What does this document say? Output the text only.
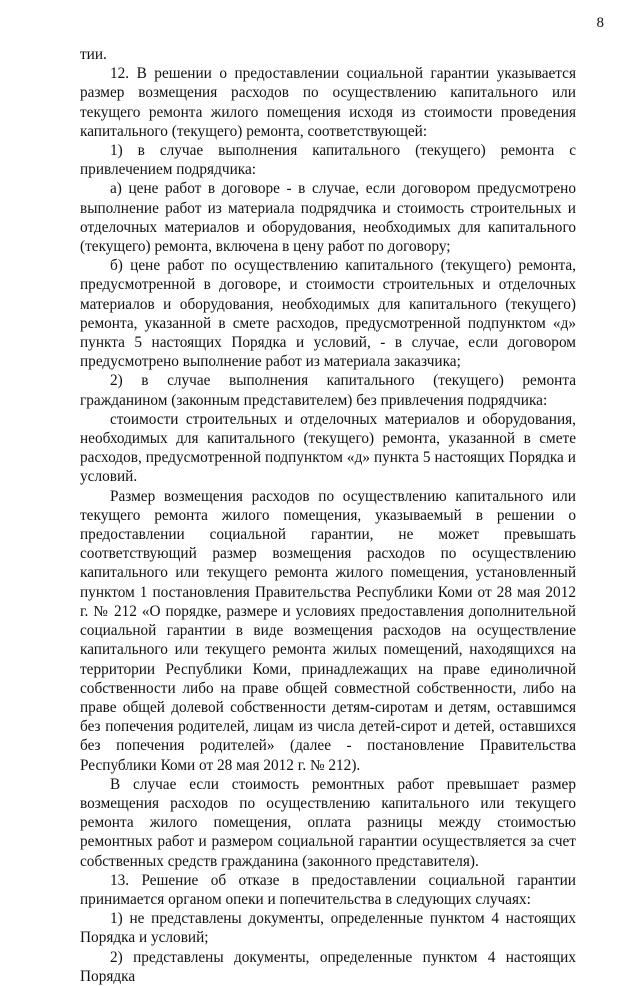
8

тии.

12. В решении о предоставлении социальной гарантии указывается размер возмещения расходов по осуществлению капитального или текущего ремонта жилого помещения исходя из стоимости проведения капитального (текущего) ремонта, соответствующей:

1) в случае выполнения капитального (текущего) ремонта с привлечением подрядчика:

а) цене работ в договоре - в случае, если договором предусмотрено выполнение работ из материала подрядчика и стоимость строительных и отделочных материалов и оборудования, необходимых для капитального (текущего) ремонта, включена в цену работ по договору;

б) цене работ по осуществлению капитального (текущего) ремонта, предусмотренной в договоре, и стоимости строительных и отделочных материалов и оборудования, необходимых для капитального (текущего) ремонта, указанной в смете расходов, предусмотренной подпунктом «д» пункта 5 настоящих Порядка и условий, - в случае, если договором предусмотрено выполнение работ из материала заказчика;

2) в случае выполнения капитального (текущего) ремонта гражданином (законным представителем) без привлечения подрядчика:

стоимости строительных и отделочных материалов и оборудования, необходимых для капитального (текущего) ремонта, указанной в смете расходов, предусмотренной подпунктом «д» пункта 5 настоящих Порядка и условий.

Размер возмещения расходов по осуществлению капитального или текущего ремонта жилого помещения, указываемый в решении о предоставлении социальной гарантии, не может превышать соответствующий размер возмещения расходов по осуществлению капитального или текущего ремонта жилого помещения, установленный пунктом 1 постановления Правительства Республики Коми от 28 мая 2012 г. № 212 «О порядке, размере и условиях предоставления дополнительной социальной гарантии в виде возмещения расходов на осуществление капитального или текущего ремонта жилых помещений, находящихся на территории Республики Коми, принадлежащих на праве единоличной собственности либо на праве общей совместной собственности, либо на праве общей долевой собственности детям-сиротам и детям, оставшимся без попечения родителей, лицам из числа детей-сирот и детей, оставшихся без попечения родителей» (далее - постановление Правительства Республики Коми от 28 мая 2012 г. № 212).

В случае если стоимость ремонтных работ превышает размер возмещения расходов по осуществлению капитального или текущего ремонта жилого помещения, оплата разницы между стоимостью ремонтных работ и размером социальной гарантии осуществляется за счет собственных средств гражданина (законного представителя).

13. Решение об отказе в предоставлении социальной гарантии принимается органом опеки и попечительства в следующих случаях:

1) не представлены документы, определенные пунктом 4 настоящих Порядка и условий;

2) представлены документы, определенные пунктом 4 настоящих Порядка
